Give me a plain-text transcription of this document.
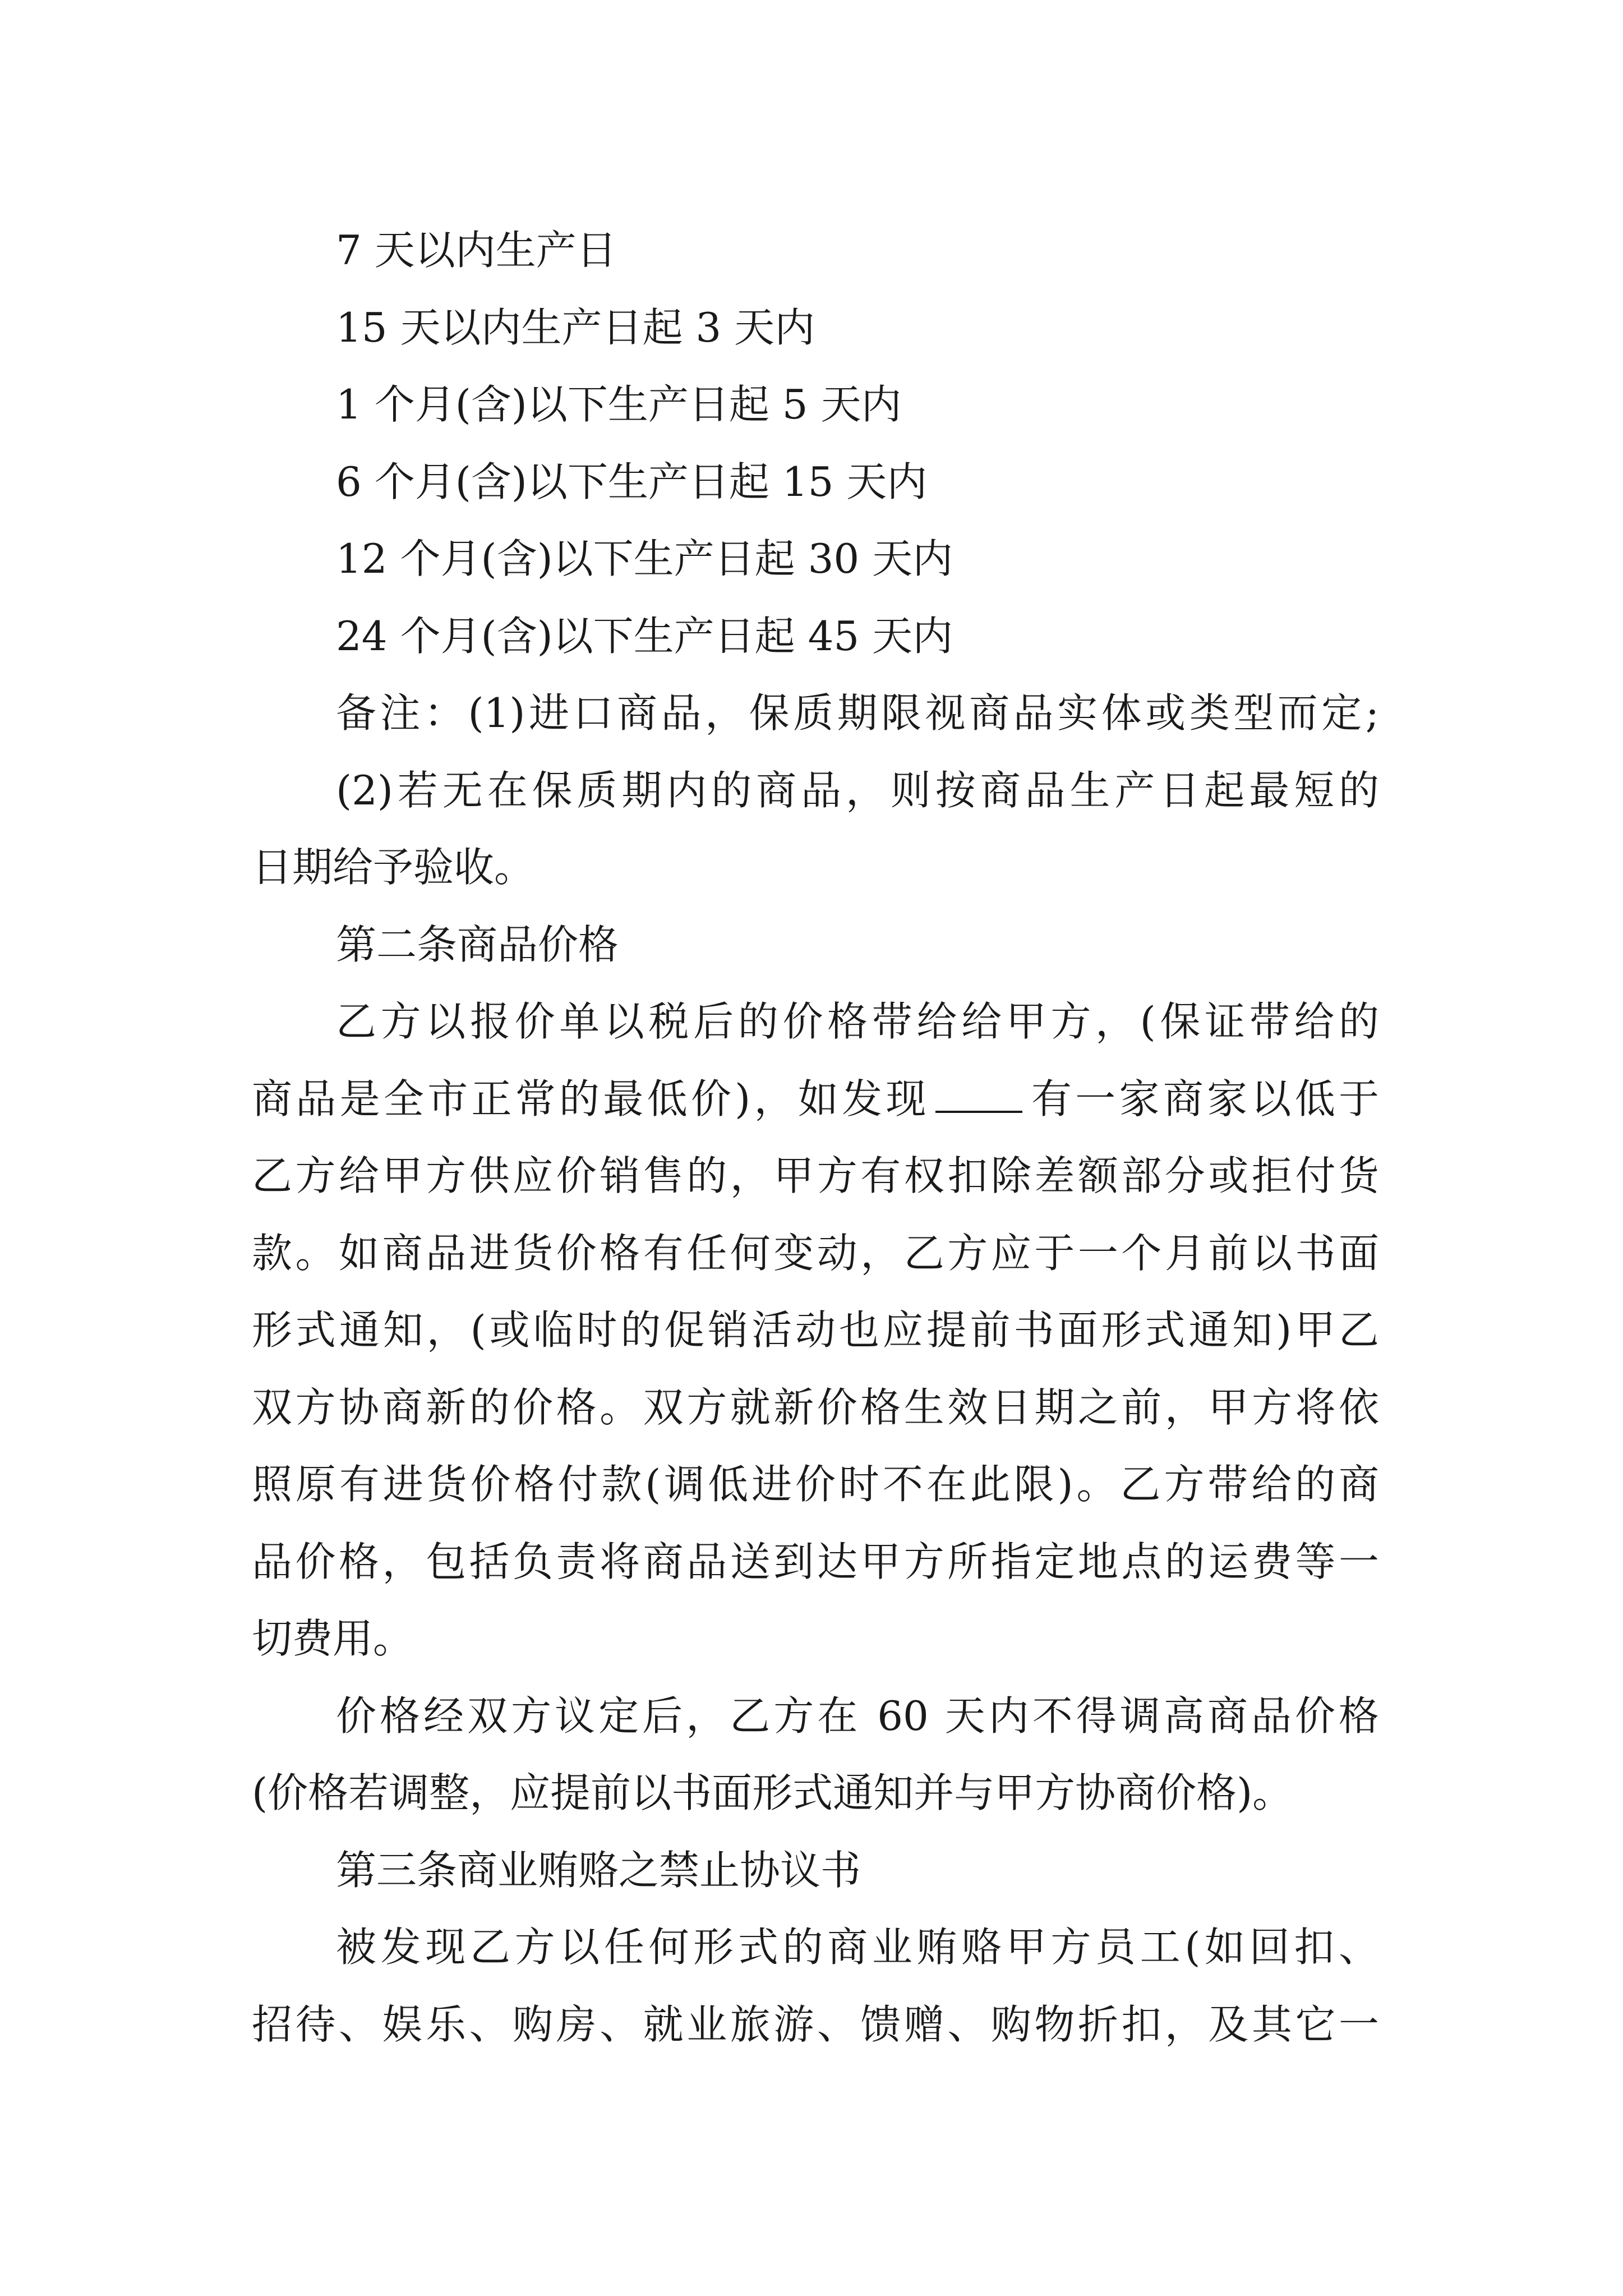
7 天以内生产日
15 天以内生产日起 3 天内
1 个月(含)以下生产日起 5 天内
6 个月(含)以下生产日起 15 天内
12 个月(含)以下生产日起 30 天内
24 个月(含)以下生产日起 45 天内
备注：(1)进口商品，保质期限视商品实体或类型而定;
(2)若无在保质期内的商品，则按商品生产日起最短的
日期给予验收。
第二条商品价格
乙方以报价单以税后的价格带给给甲方，(保证带给的
商品是全市正常的最低价)，如发现 有一家商家以低于
乙方给甲方供应价销售的，甲方有权扣除差额部分或拒付货
款。如商品进货价格有任何变动，乙方应于一个月前以书面
形式通知，(或临时的促销活动也应提前书面形式通知)甲乙
双方协商新的价格。双方就新价格生效日期之前，甲方将依
照原有进货价格付款(调低进价时不在此限)。乙方带给的商
品价格，包括负责将商品送到达甲方所指定地点的运费等一
切费用。
价格经双方议定后，乙方在 60 天内不得调高商品价格
(价格若调整，应提前以书面形式通知并与甲方协商价格)。
第三条商业贿赂之禁止协议书
被发现乙方以任何形式的商业贿赂甲方员工(如回扣、
招待、娱乐、购房、就业旅游、馈赠、购物折扣，及其它一
